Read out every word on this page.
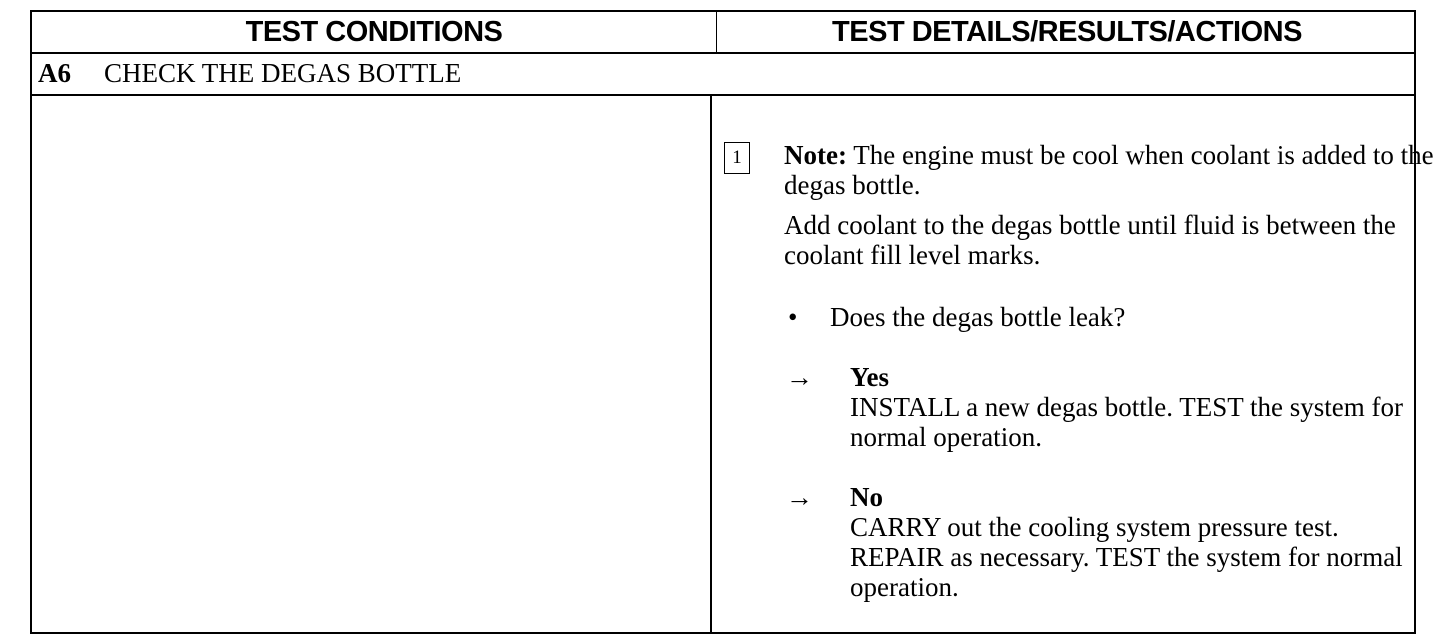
TEST CONDITIONS	TEST DETAILS/RESULTS/ACTIONS
A6 CHECK THE DEGAS BOTTLE
1	Note: The engine must be cool when coolant is added to the degas bottle.

Add coolant to the degas bottle until fluid is between the coolant fill level marks.

• Does the degas bottle leak?
→ Yes
INSTALL a new degas bottle. TEST the system for normal operation.
→ No
CARRY out the cooling system pressure test. REPAIR as necessary. TEST the system for normal operation.
